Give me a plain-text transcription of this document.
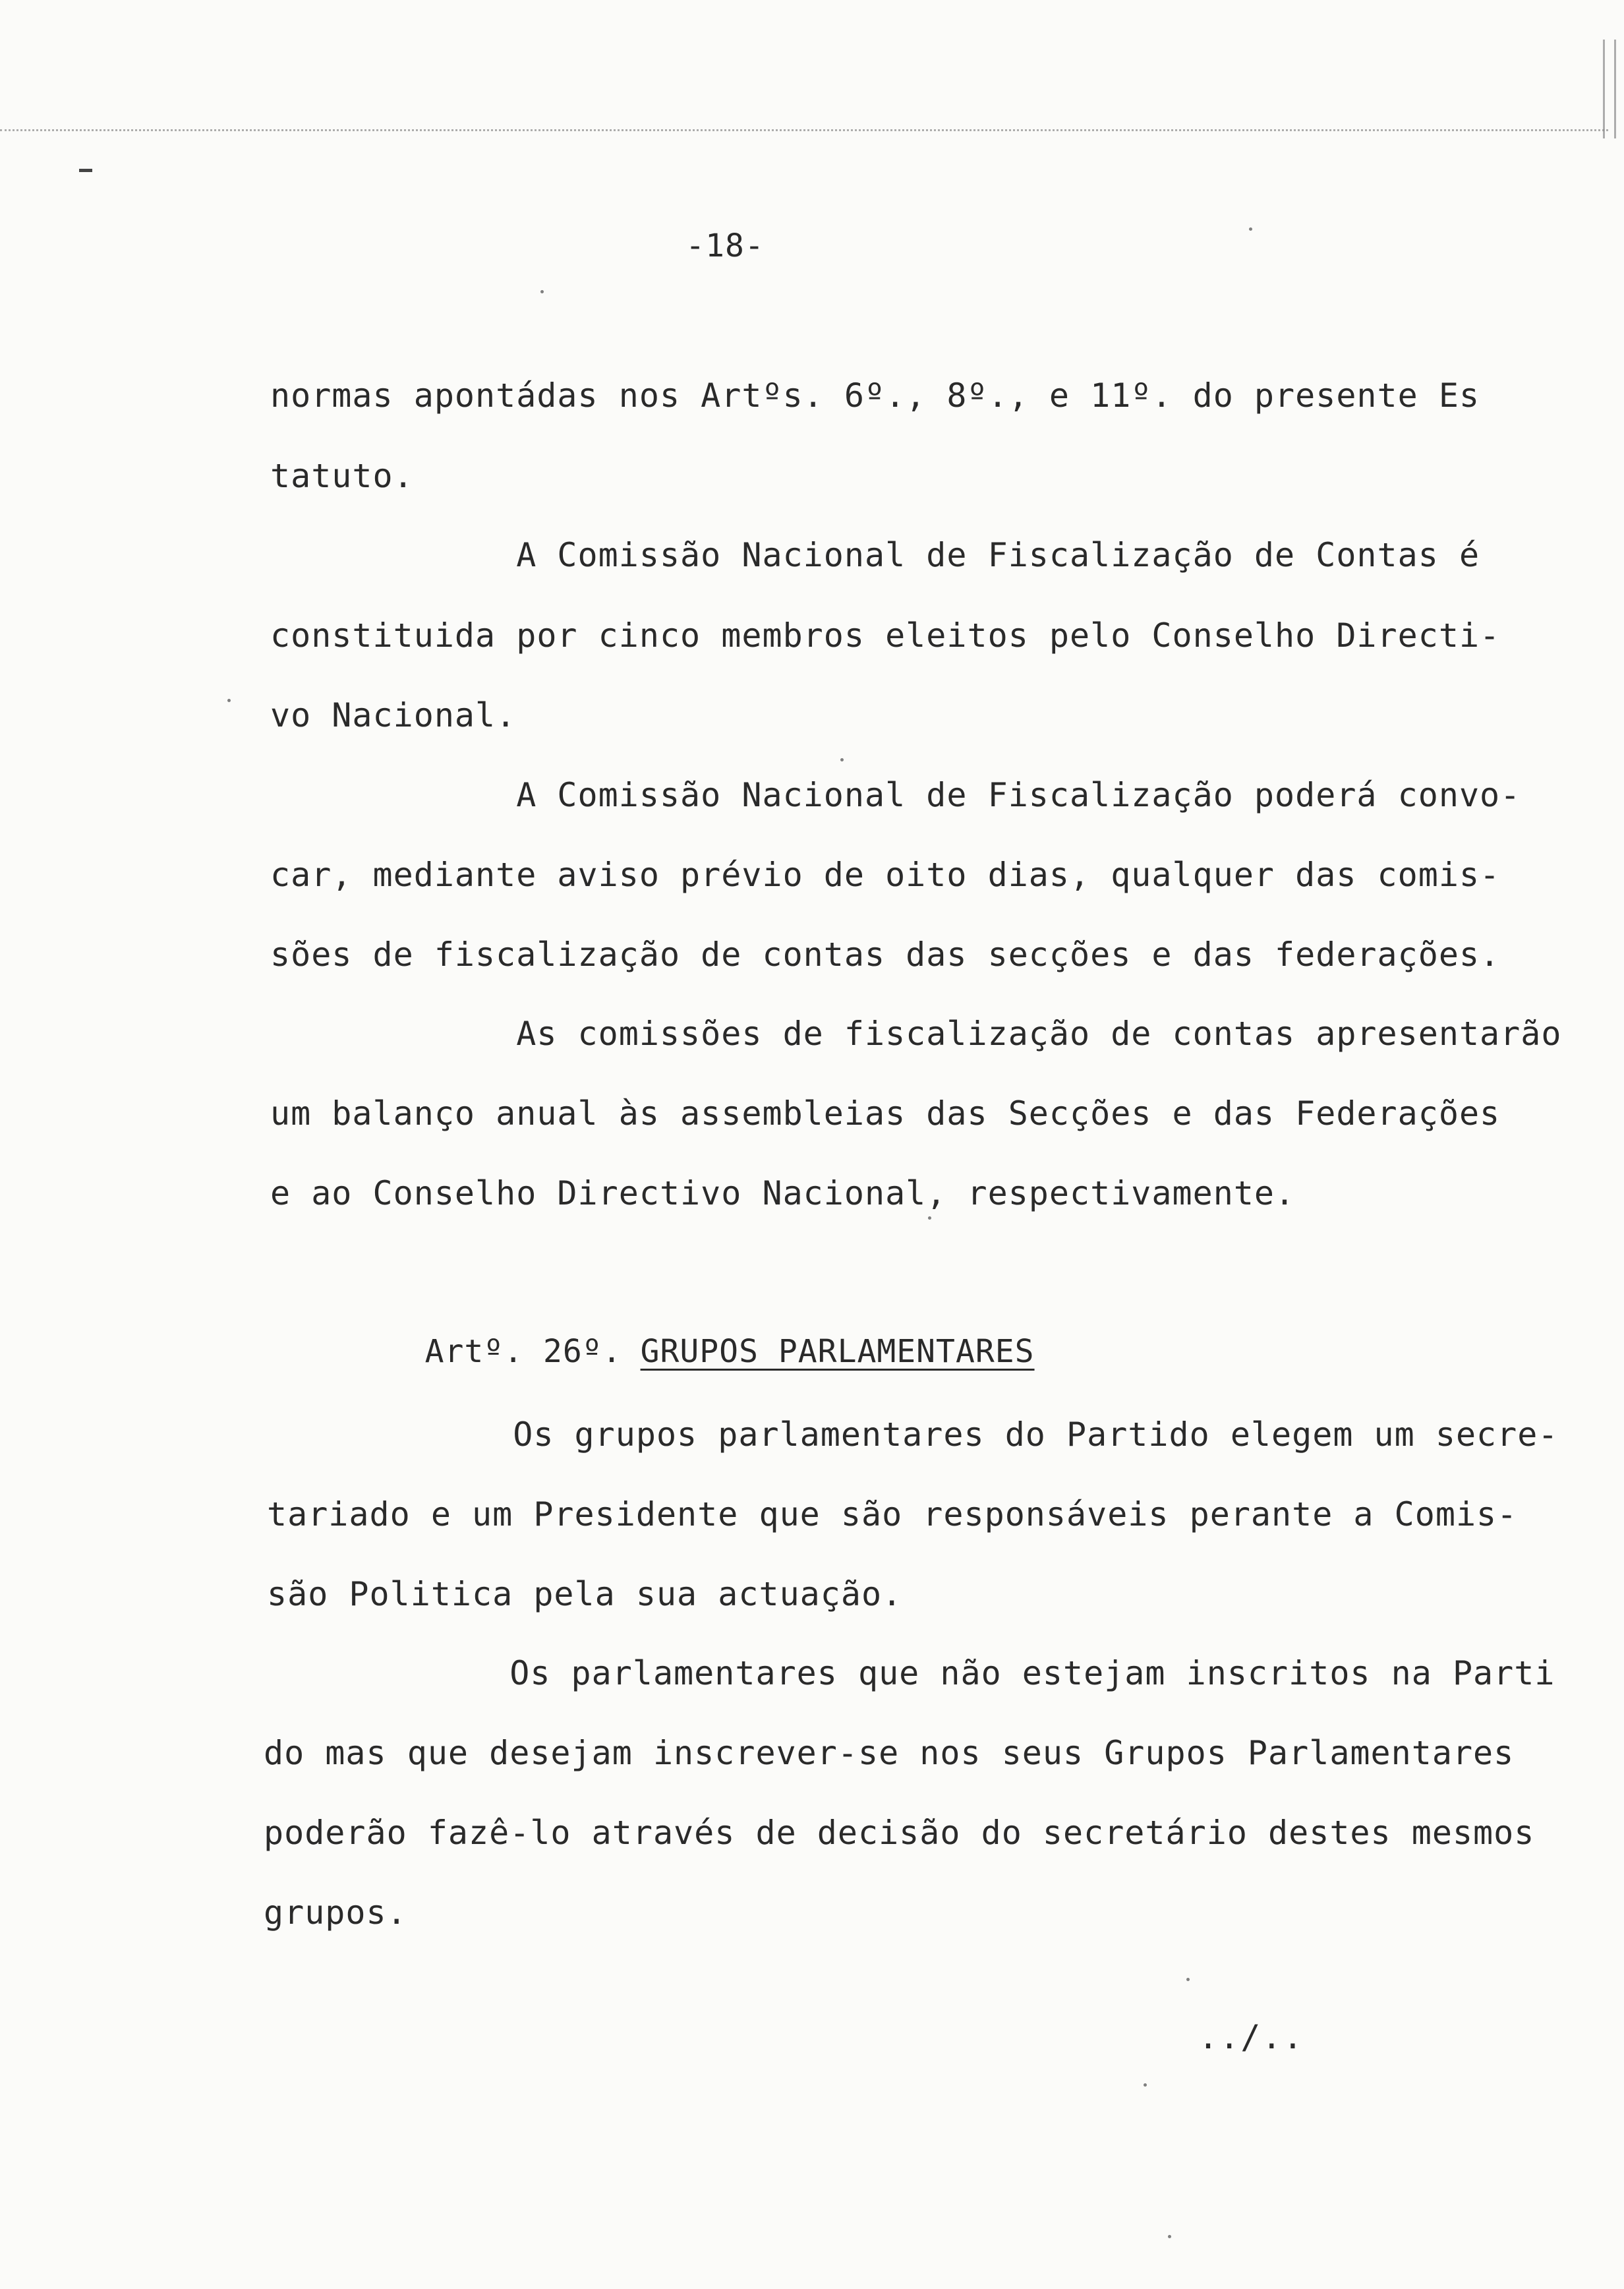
-18-
normas apontádas nos Artºs. 6º., 8º., e 11º. do presente Es
tatuto.
A Comissão Nacional de Fiscalização de Contas é
constituida por cinco membros eleitos pelo Conselho Directi-
vo Nacional.
A Comissão Nacional de Fiscalização poderá convo-
car, mediante aviso prévio de oito dias, qualquer das comis-
sões de fiscalização de contas das secções e das federações.
As comissões de fiscalização de contas apresentarão
um balanço anual às assembleias das Secções e das Federações
e ao Conselho Directivo Nacional, respectivamente.

Artº. 26º. GRUPOS PARLAMENTARES

Os grupos parlamentares do Partido elegem um secre-
tariado e um Presidente que são responsáveis perante a Comis-
são Politica pela sua actuação.
Os parlamentares que não estejam inscritos na Parti
do mas que desejam inscrever-se nos seus Grupos Parlamentares
poderão fazê-lo através de decisão do secretário destes mesmos
grupos.
../..
